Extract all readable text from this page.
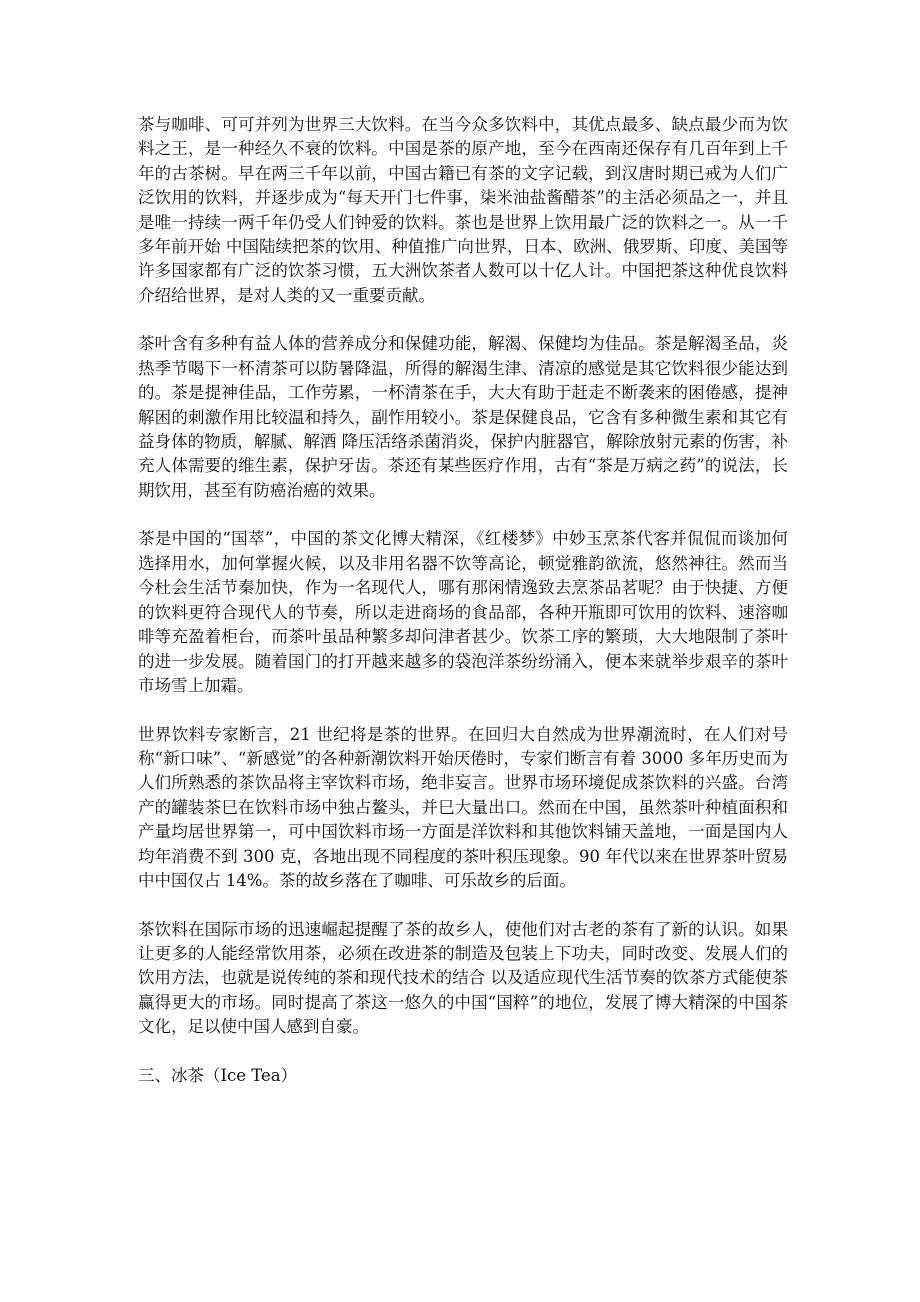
茶与咖啡、可可并列为世界三大饮料。在当今众多饮料中，其优点最多、缺点最少而为饮料之王，是一种经久不衰的饮料。中国是茶的原产地，至今在西南还保存有几百年到上千年的古茶树。早在两三千年以前，中国古籍已有茶的文字记载，到汉唐时期已戒为人们广泛饮用的饮料，并逐步成为“每天开门七件事，柒米油盐酱醋茶”的主活必须品之一，并且是唯一持续一两千年仍受人们钟爱的饮料。茶也是世界上饮用最广泛的饮料之一。从一千多年前开始 中国陆续把茶的饮用、种值推广向世界，日本、欧洲、俄罗斯、印度、美国等许多国家都有广泛的饮茶习惯，五大洲饮茶者人数可以十亿人计。中国把茶这种优良饮料介绍给世界，是对人类的又一重要贡献。

茶叶含有多种有益人体的营养成分和保健功能，解渴、保健均为佳品。茶是解渴圣品，炎热季节喝下一杯清茶可以防暑降温，所得的解渴生津、清凉的感觉是其它饮料很少能达到的。茶是提神佳品，工作劳累，一杯清茶在手，大大有助于赶走不断袭来的困倦感，提神解困的刺激作用比较温和持久，副怍用较小。茶是保健良品，它含有多种微生素和其它有益身体的物质，解腻、解酒 降压活络杀菌消炎，保护内脏器官，解除放射元素的伤害，补充人体需要的维生素，保护牙齿。茶还有某些医疗作用，古有“茶是万病之药”的说法，长期饮用，甚至有防癌治癌的效果。

茶是中国的“国萃”，中国的茶文化博大精深，《红楼梦》中妙玉烹茶代客并侃侃而谈加何选择用水，加何掌握火候，以及非用名器不饮等高论，顿觉雅韵欲流，悠然神往。然而当今杜会生活节秦加快，作为一名现代人，哪有那闲情逸致去烹茶品茗呢？由于快捷、方便的饮料更符合现代人的节奏，所以走进商场的食品部，各种开瓶即可饮用的饮料、速溶咖啡等充盈着柜台，而茶叶虽品种繁多却问津者甚少。饮茶工序的繁琐，大大地限制了茶叶的进一步发展。随着国门的打开越来越多的袋泡洋茶纷纷涌入，便本来就举步艰辛的茶叶市场雪上加霜。

世界饮料专家断言，21 世纪将是茶的世界。在回归大自然成为世界潮流时，在人们对号称“新口味”、“新感觉”的各种新潮饮料开始厌倦时，专家们断言有着 3000 多年历史而为人们所熟悉的茶饮品将主宰饮料市场，绝非妄言。世界市场环境促成茶饮料的兴盛。台湾产的罐装茶巳在饮料市场中独占鳌头，并巳大量出口。然而在中国，虽然茶叶种植面积和产量均居世界第一，可中国饮料市场一方面是洋饮料和其他饮料铺天盖地，一面是国内人均年消费不到 300 克，各地出现不同程度的茶叶积压现象。90 年代以来在世界茶叶贸易中中国仅占 14%。茶的故乡落在了咖啡、可乐故乡的后面。

茶饮料在国际市场的迅速崛起提醒了茶的故乡人，使他们对古老的茶有了新的认识。如果让更多的人能经常饮用茶，必须在改进茶的制造及包装上下功夫，同时改变、发展人们的饮用方法，也就是说传纯的茶和现代技术的结合 以及适应现代生活节奏的饮茶方式能使茶赢得更大的市场。同时提高了茶这一悠久的中国“国粹”的地位，发展了博大精深的中国茶文化，足以使中国人感到自豪。

三、冰茶（Ice Tea）
